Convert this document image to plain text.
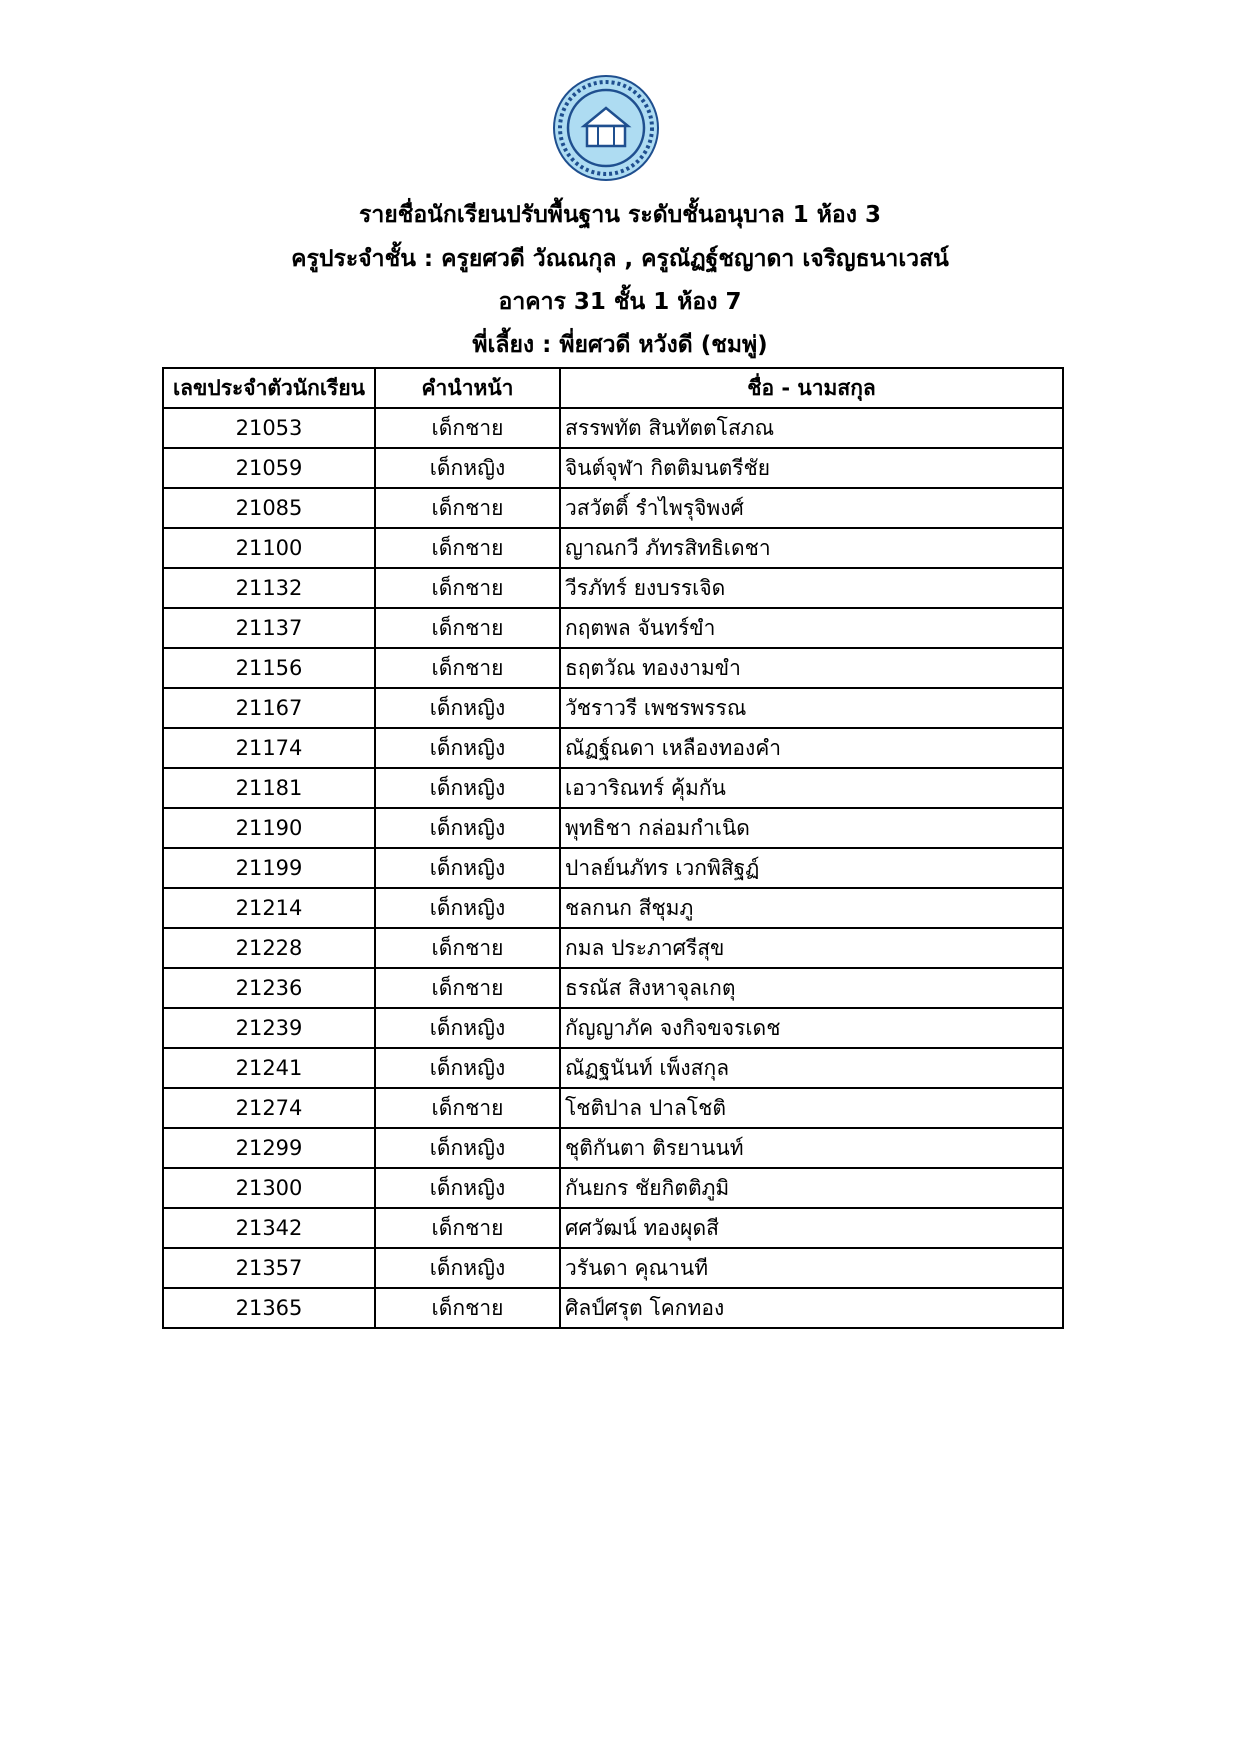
รายชื่อนักเรียนปรับพื้นฐาน ระดับชั้นอนุบาล 1 ห้อง 3
ครูประจำชั้น : ครูยศวดี วัณณกุล , ครูณัฏฐ์ชญาดา เจริญธนาเวสน์
อาคาร 31 ชั้น 1 ห้อง 7
พี่เลี้ยง : พี่ยศวดี หวังดี (ชมพู่)
เลขประจำตัวนักเรียน	คำนำหน้า	ชื่อ - นามสกุล
21053	เด็กชาย	สรรพทัต สินทัตตโสภณ
21059	เด็กหญิง	จินต์จุฬา กิตติมนตรีชัย
21085	เด็กชาย	วสวัตติ์ รำไพรุจิพงศ์
21100	เด็กชาย	ญาณกวี ภัทรสิทธิเดชา
21132	เด็กชาย	วีรภัทร์ ยงบรรเจิด
21137	เด็กชาย	กฤตพล จันทร์ขำ
21156	เด็กชาย	ธฤตวัณ ทองงามขำ
21167	เด็กหญิง	วัชราวรี เพชรพรรณ
21174	เด็กหญิง	ณัฏฐ์ณดา เหลืองทองคำ
21181	เด็กหญิง	เอวาริณทร์ คุ้มกัน
21190	เด็กหญิง	พุทธิชา กล่อมกำเนิด
21199	เด็กหญิง	ปาลย์นภัทร เวกพิสิฐฏ์
21214	เด็กหญิง	ชลกนก สีชุมภู
21228	เด็กชาย	กมล ประภาศรีสุข
21236	เด็กชาย	ธรณัส สิงหาจุลเกตุ
21239	เด็กหญิง	กัญญาภัค จงกิจขจรเดช
21241	เด็กหญิง	ณัฏฐนันท์ เพ็งสกุล
21274	เด็กชาย	โชติปาล ปาลโชติ
21299	เด็กหญิง	ชุติกันตา ติรยานนท์
21300	เด็กหญิง	กันยกร ชัยกิตติภูมิ
21342	เด็กชาย	ศศวัฒน์ ทองผุดสี
21357	เด็กหญิง	วรันดา คุณานที
21365	เด็กชาย	ศิลป์ศรุต โคกทอง
